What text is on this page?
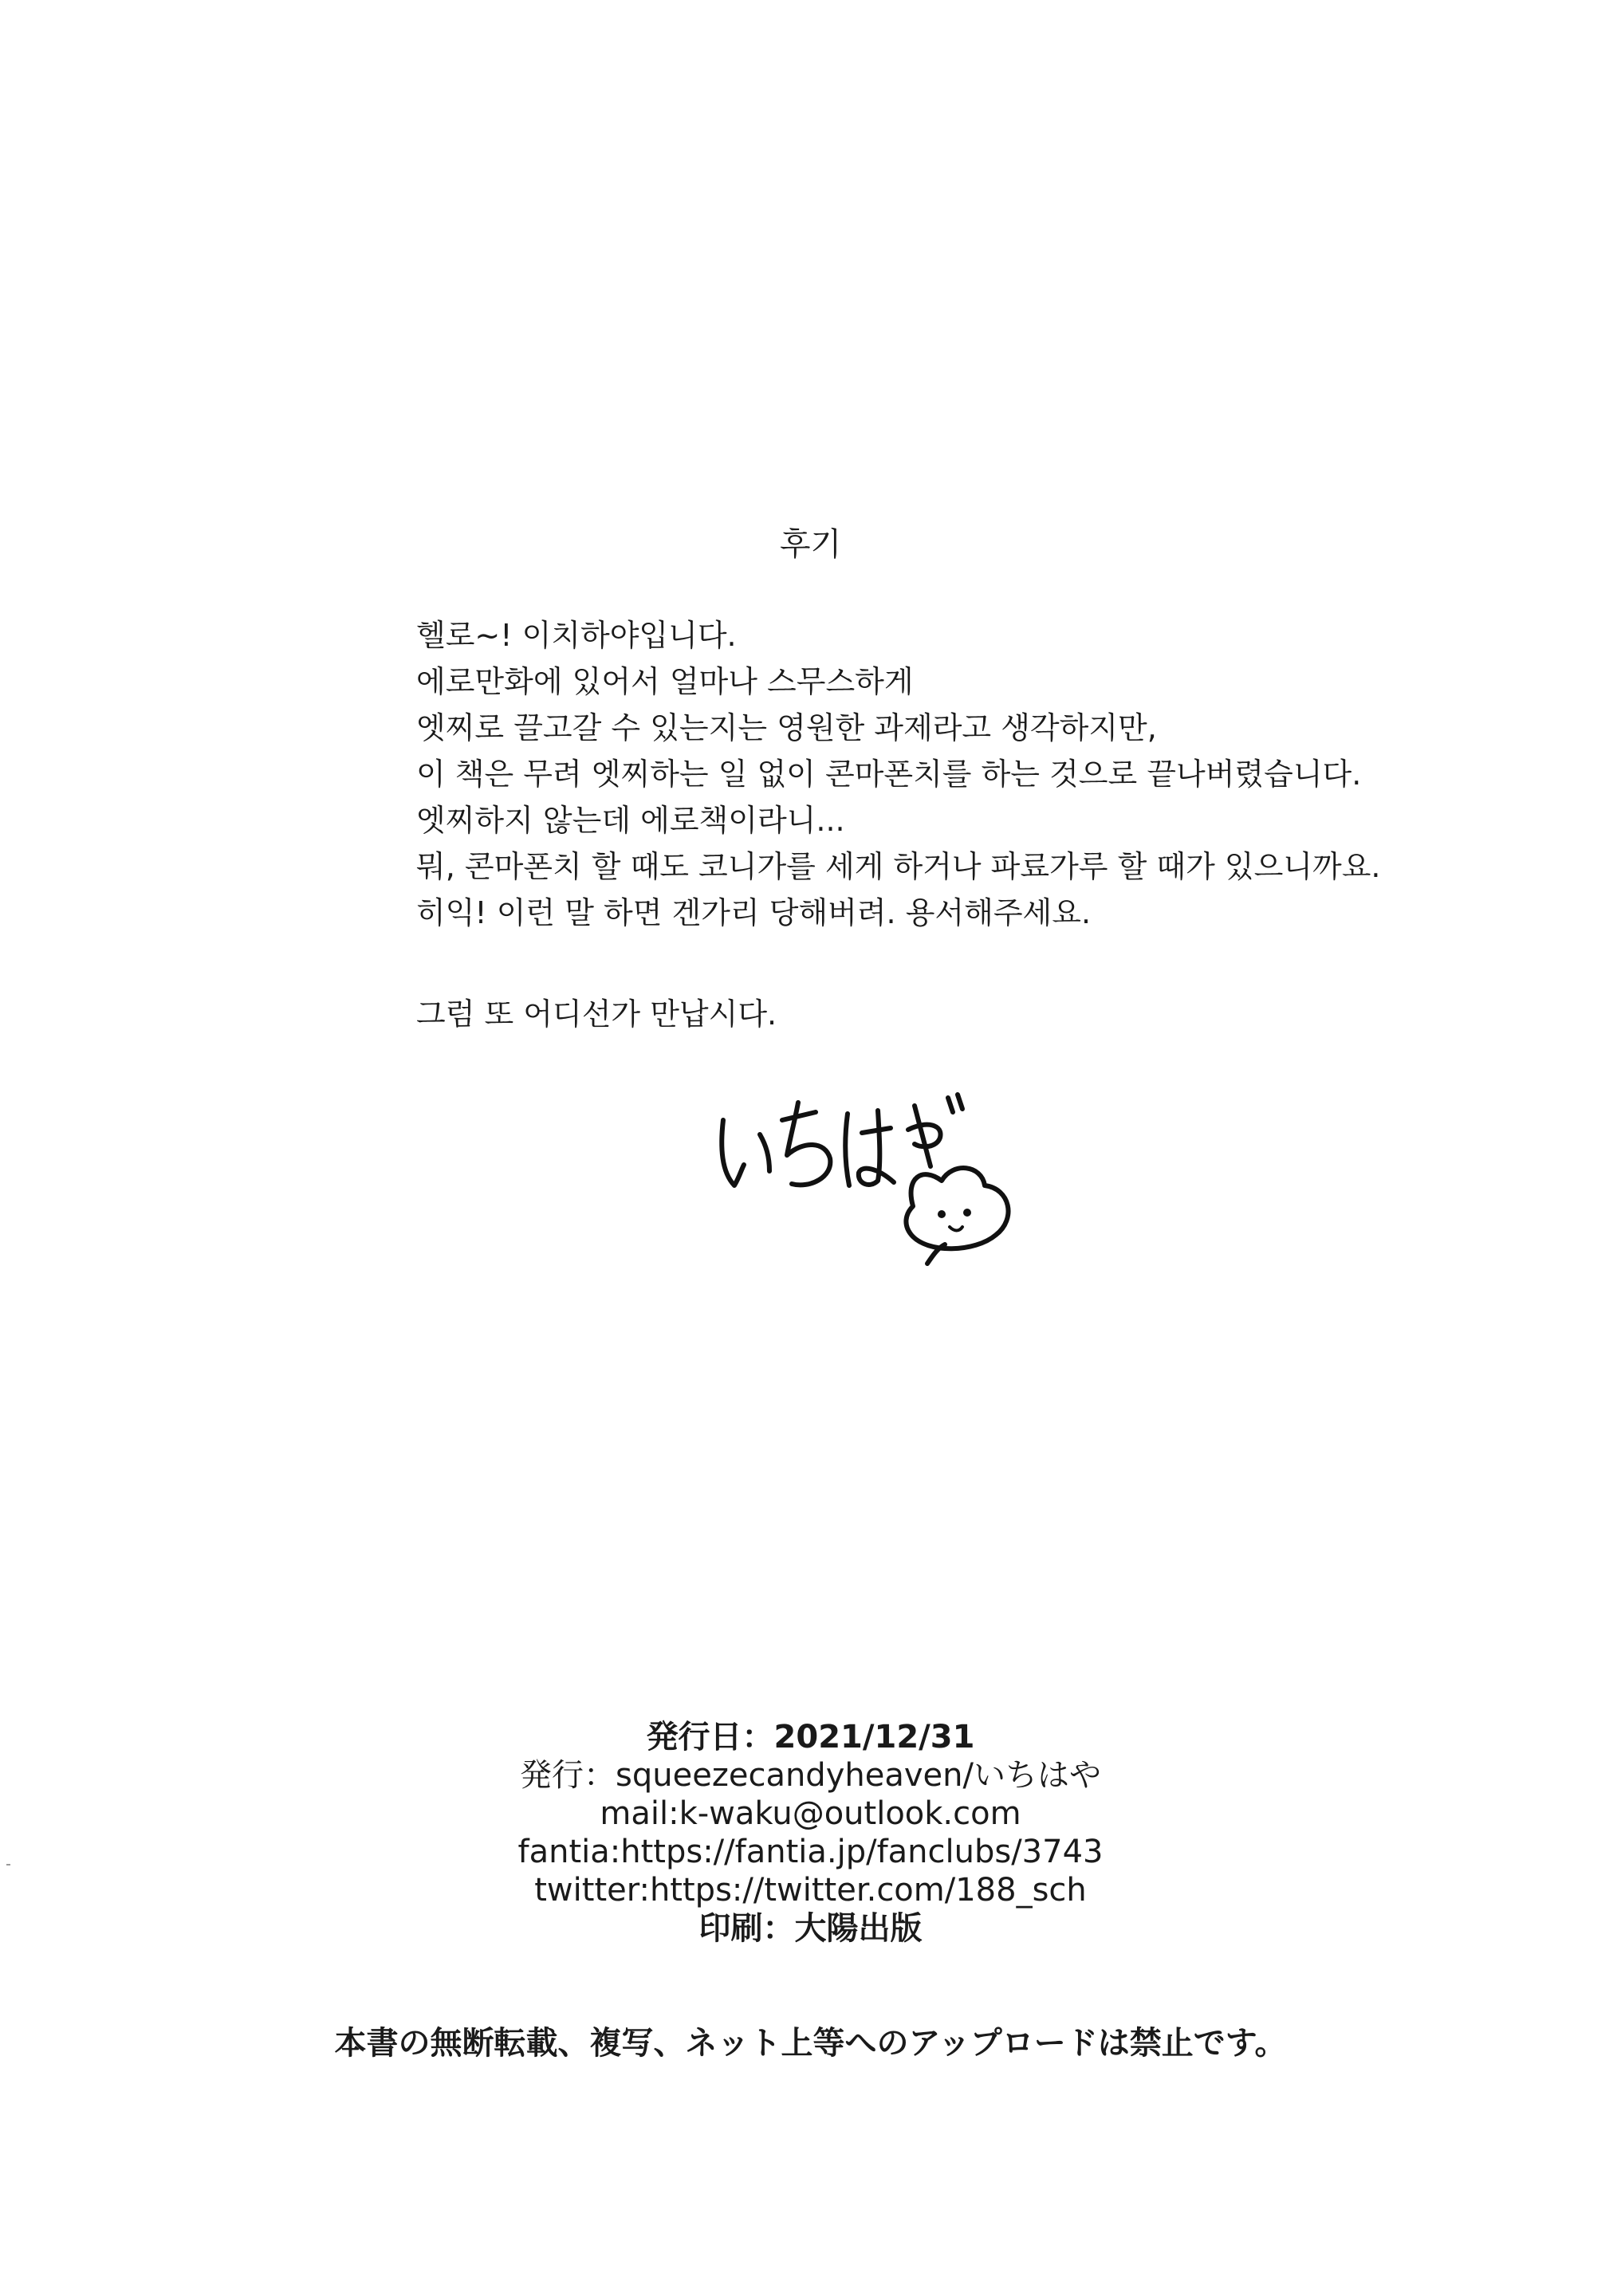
후기
헬로~! 이치하야입니다.
에로만화에 있어서 얼마나 스무스하게
엣찌로 끌고갈 수 있는지는 영원한 과제라고 생각하지만,
이 책은 무려 엣찌하는 일 없이 콘마폰치를 하는 것으로 끝나버렸습니다.
엣찌하지 않는데 에로책이라니...
뭐, 콘마폰치 할 때도 코니가를 세게 하거나 파료가루 할 때가 있으니까요.
히익! 이런 말 하면 겐가리 당해버려. 용서해주세요.
그럼 또 어디선가 만납시다.
発行日：2021/12/31
発行：squeezecandyheaven/いちはや
mail:k-waku@outlook.com
fantia:https://fantia.jp/fanclubs/3743
twitter:https://twitter.com/188_sch
印刷：大陽出版
本書の無断転載、複写、ネット上等へのアップロードは禁止です。
